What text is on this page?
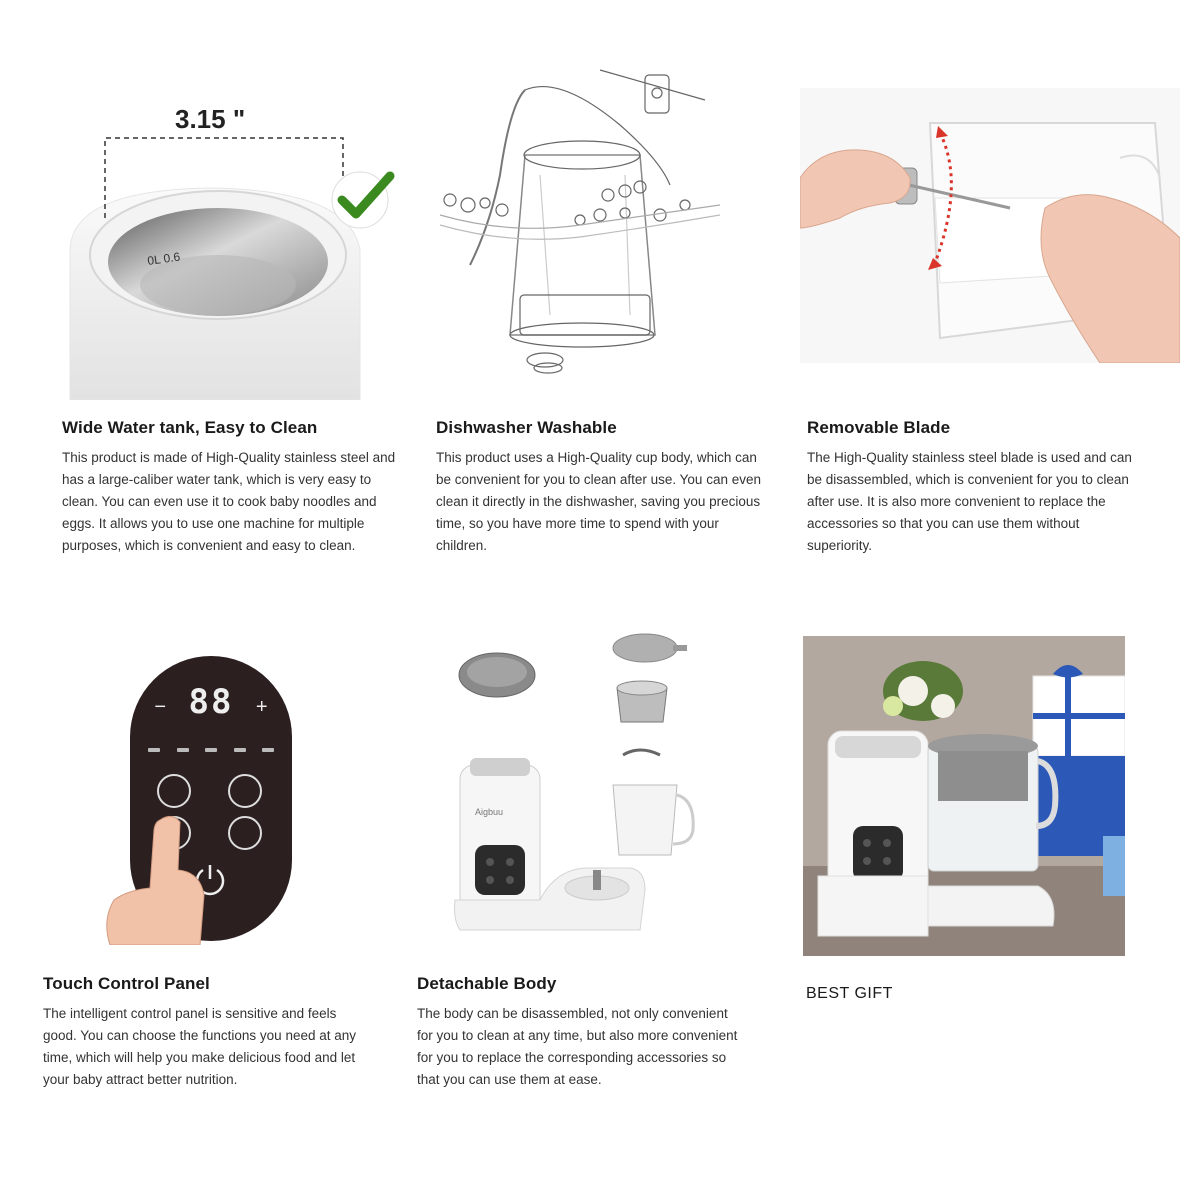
0L 0.6
3.15 "
Wide Water tank, Easy to Clean
This product is made of High-Quality stainless steel and has a large-caliber water tank, which is very easy to clean. You can even use it to cook baby noodles and eggs. It allows you to use one machine for multiple purposes, which is convenient and easy to clean.
Dishwasher Washable
This product uses a High-Quality cup body, which can be convenient for you to clean after use. You can even clean it directly in the dishwasher, saving you precious time, so you have more time to spend with your children.
Removable Blade
The High-Quality stainless steel blade is used and can be disassembled, which is convenient for you to clean after use. It is also more convenient to replace the accessories so that you can use them without superiority.
− 88 +
Aigbuu
Touch Control Panel
The intelligent control panel is sensitive and feels good. You can choose the functions you need at any time, which will help you make delicious food and let your baby attract better nutrition.
Detachable Body
The body can be disassembled, not only convenient for you to clean at any time, but also more convenient for you to replace the corresponding accessories so that you can use them at ease.
BEST GIFT
